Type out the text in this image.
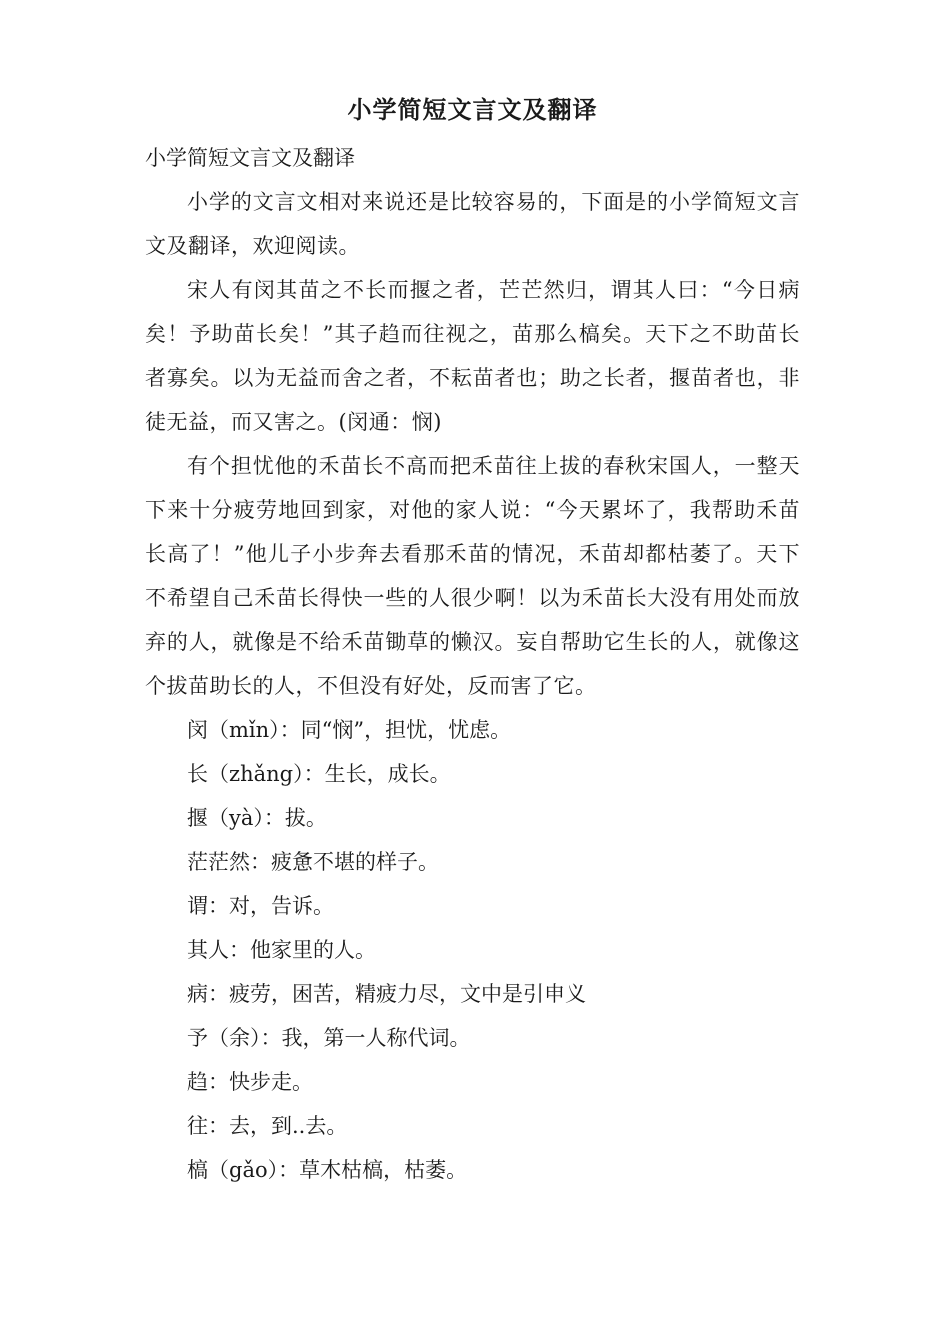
小学简短文言文及翻译

小学简短文言文及翻译

小学的文言文相对来说还是比较容易的，下面是的小学简短文言文及翻译，欢迎阅读。

宋人有闵其苗之不长而揠之者，芒芒然归，谓其人曰：“今日病矣！予助苗长矣！”其子趋而往视之，苗那么槁矣。天下之不助苗长者寡矣。以为无益而舍之者，不耘苗者也；助之长者，揠苗者也，非徒无益，而又害之。(闵通：悯)

有个担忧他的禾苗长不高而把禾苗往上拔的春秋宋国人，一整天下来十分疲劳地回到家，对他的家人说：“今天累坏了，我帮助禾苗长高了！”他儿子小步奔去看那禾苗的情况，禾苗却都枯萎了。天下不希望自己禾苗长得快一些的人很少啊！以为禾苗长大没有用处而放弃的人，就像是不给禾苗锄草的懒汉。妄自帮助它生长的人，就像这个拔苗助长的人，不但没有好处，反而害了它。

闵（mǐn）：同“悯”，担忧，忧虑。

长（zhǎng）：生长，成长。

揠（yà）：拔。

茫茫然：疲惫不堪的样子。

谓：对，告诉。

其人：他家里的人。

病：疲劳，困苦，精疲力尽，文中是引申义

予（余）：我，第一人称代词。

趋：快步走。

往：去，到..去。

槁（gǎo）：草木枯槁，枯萎。
